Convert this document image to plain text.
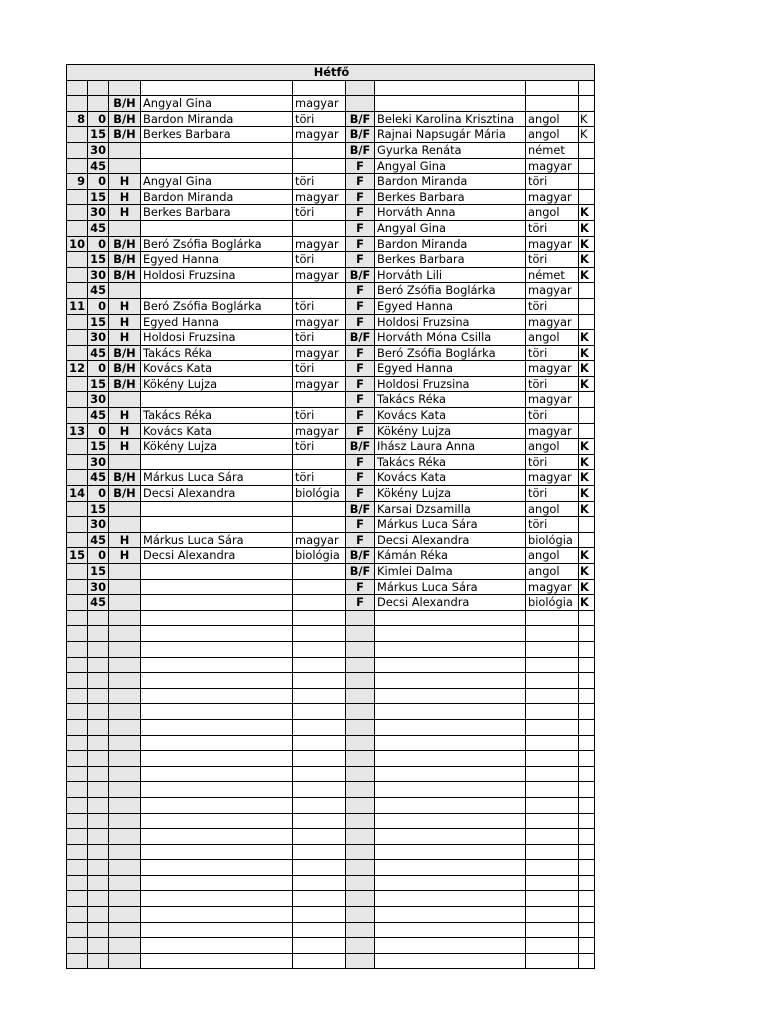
Hétfő								

		B/H	Angyal Gina	magyar				
8	0	B/H	Bardon Miranda	töri	B/F	Beleki Karolina Krisztina	angol	K
	15	B/H	Berkes Barbara	magyar	B/F	Rajnai Napsugár Mária	angol	K
	30				B/F	Gyurka Renáta	német	
	45				F	Angyal Gina	magyar	
9	0	H	Angyal Gina	töri	F	Bardon Miranda	töri	
	15	H	Bardon Miranda	magyar	F	Berkes Barbara	magyar	
	30	H	Berkes Barbara	töri	F	Horváth Anna	angol	K
	45				F	Angyal Gina	töri	K
10	0	B/H	Beró Zsófia Boglárka	magyar	F	Bardon Miranda	magyar	K
	15	B/H	Egyed Hanna	töri	F	Berkes Barbara	töri	K
	30	B/H	Holdosi Fruzsina	magyar	B/F	Horváth Lili	német	K
	45				F	Beró Zsófia Boglárka	magyar	
11	0	H	Beró Zsófia Boglárka	töri	F	Egyed Hanna	töri	
	15	H	Egyed Hanna	magyar	F	Holdosi Fruzsina	magyar	
	30	H	Holdosi Fruzsina	töri	B/F	Horváth Móna Csilla	angol	K
	45	B/H	Takács Réka	magyar	F	Beró Zsófia Boglárka	töri	K
12	0	B/H	Kovács Kata	töri	F	Egyed Hanna	magyar	K
	15	B/H	Kökény Lujza	magyar	F	Holdosi Fruzsina	töri	K
	30				F	Takács Réka	magyar	
	45	H	Takács Réka	töri	F	Kovács Kata	töri	
13	0	H	Kovács Kata	magyar	F	Kökény Lujza	magyar	
	15	H	Kökény Lujza	töri	B/F	Ihász Laura Anna	angol	K
	30				F	Takács Réka	töri	K
	45	B/H	Márkus Luca Sára	töri	F	Kovács Kata	magyar	K
14	0	B/H	Decsi Alexandra	biológia	F	Kökény Lujza	töri	K
	15				B/F	Karsai Dzsamilla	angol	K
	30				F	Márkus Luca Sára	töri	
	45	H	Márkus Luca Sára	magyar	F	Decsi Alexandra	biológia	
15	0	H	Decsi Alexandra	biológia	B/F	Kámán Réka	angol	K
	15				B/F	Kimlei Dalma	angol	K
	30				F	Márkus Luca Sára	magyar	K
	45				F	Decsi Alexandra	biológia	K
